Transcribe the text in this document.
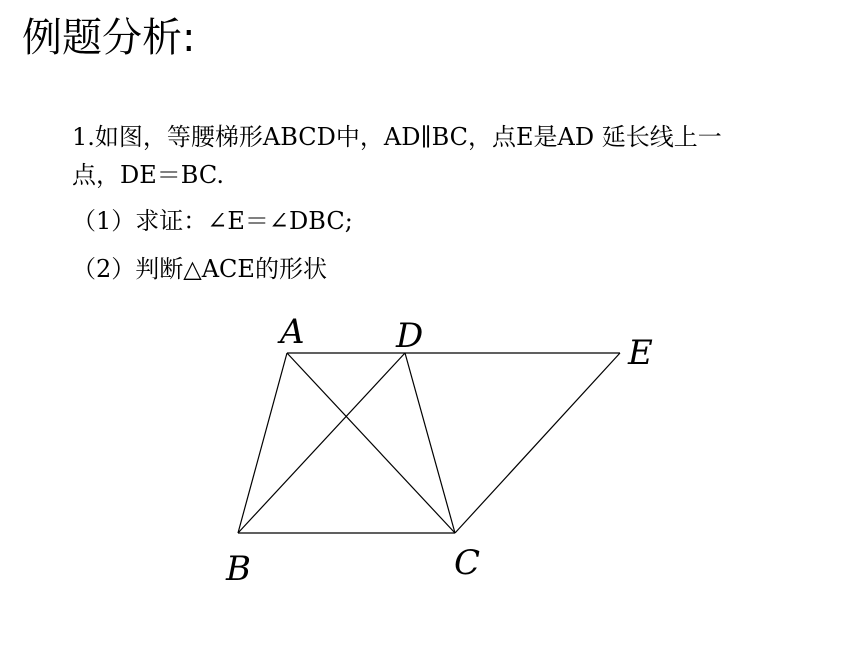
例题分析:

1.如图，等腰梯形ABCD中，AD∥BC，点E是AD 延长线上一

点，DE＝BC.

（1）求证：∠E＝∠DBC;

（2）判断△ACE的形状

A	D	E
B	C
